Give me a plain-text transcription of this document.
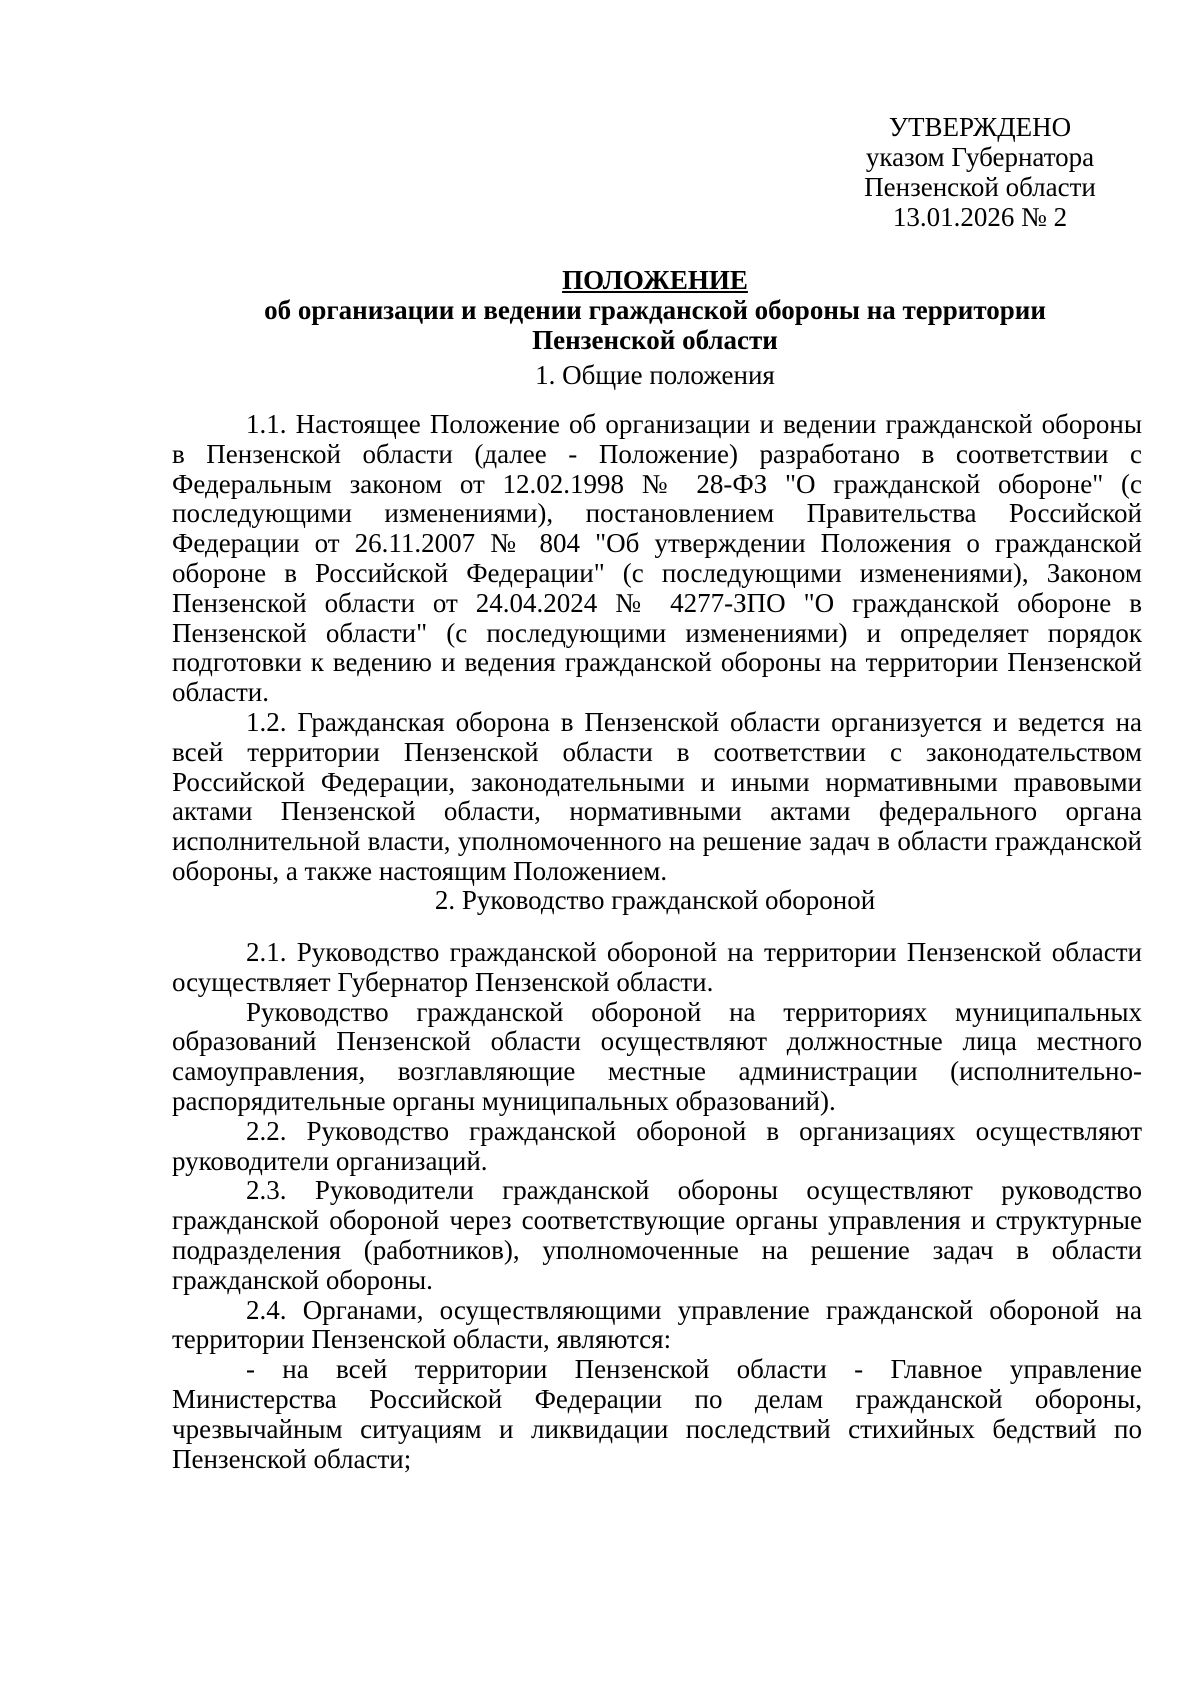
УТВЕРЖДЕНО
указом Губернатора
Пензенской области
13.01.2026 № 2
ПОЛОЖЕНИЕ
об организации и ведении гражданской обороны на территории
Пензенской области
1. Общие положения

1.1. Настоящее Положение об организации и ведении гражданской обороны в Пензенской области (далее - Положение) разработано в соответствии с Федеральным законом от 12.02.1998 № 28-ФЗ "О гражданской обороне" (с последующими изменениями), постановлением Правительства Российской Федерации от 26.11.2007 № 804 "Об утверждении Положения о гражданской обороне в Российской Федерации" (с последующими изменениями), Законом Пензенской области от 24.04.2024 № 4277-ЗПО "О гражданской обороне в Пензенской области" (с последующими изменениями) и определяет порядок подготовки к ведению и ведения гражданской обороны на территории Пензенской области.

1.2. Гражданская оборона в Пензенской области организуется и ведется на всей территории Пензенской области в соответствии с законодательством Российской Федерации, законодательными и иными нормативными правовыми актами Пензенской области, нормативными актами федерального органа исполнительной власти, уполномоченного на решение задач в области гражданской обороны, а также настоящим Положением.

2. Руководство гражданской обороной

2.1. Руководство гражданской обороной на территории Пензенской области осуществляет Губернатор Пензенской области.

Руководство гражданской обороной на территориях муниципальных образований Пензенской области осуществляют должностные лица местного самоуправления, возглавляющие местные администрации (исполнительно-распорядительные органы муниципальных образований).

2.2. Руководство гражданской обороной в организациях осуществляют руководители организаций.

2.3. Руководители гражданской обороны осуществляют руководство гражданской обороной через соответствующие органы управления и структурные подразделения (работников), уполномоченные на решение задач в области гражданской обороны.

2.4. Органами, осуществляющими управление гражданской обороной на территории Пензенской области, являются:

- на всей территории Пензенской области - Главное управление Министерства Российской Федерации по делам гражданской обороны, чрезвычайным ситуациям и ликвидации последствий стихийных бедствий по Пензенской области;
